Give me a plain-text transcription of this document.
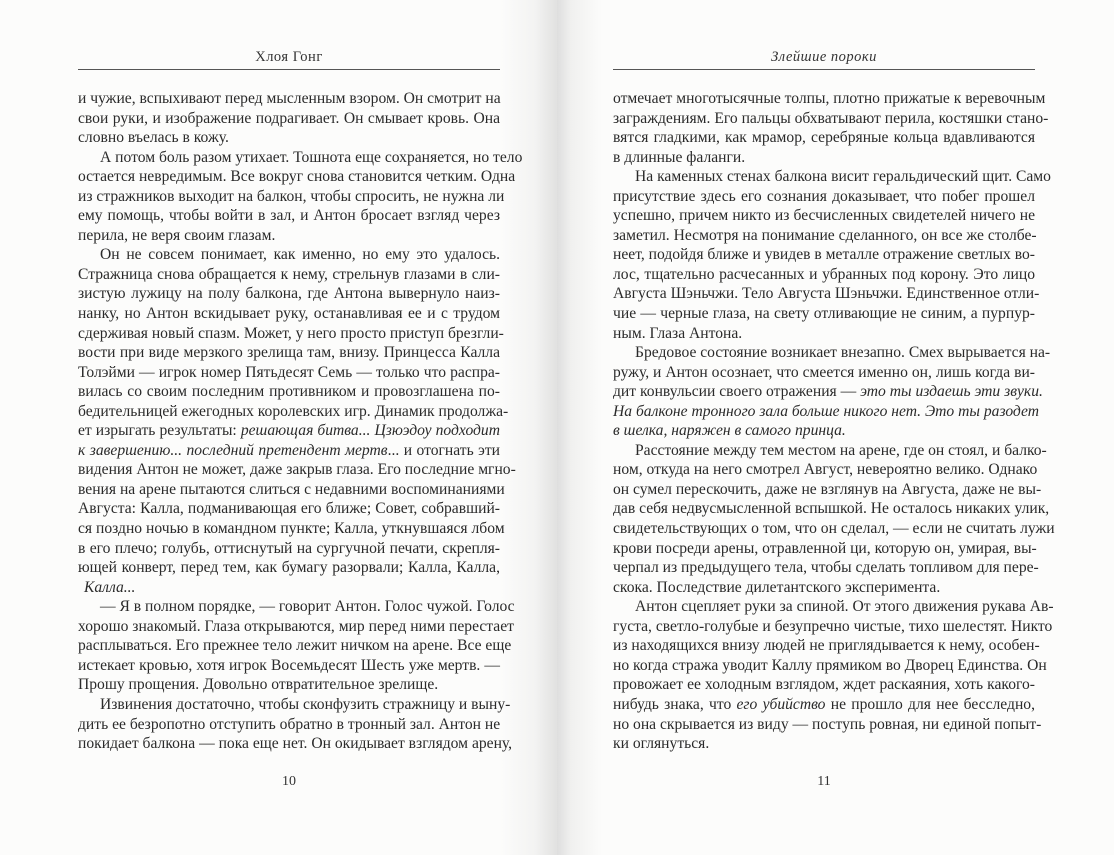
Хлоя Гонг
и чужие, вспыхивают перед мысленным взором. Он смотрит на
свои руки, и изображение подрагивает. Он смывает кровь. Она
словно въелась в кожу.
А потом боль разом утихает. Тошнота еще сохраняется, но тело
остается невредимым. Все вокруг снова становится четким. Одна
из стражников выходит на балкон, чтобы спросить, не нужна ли
ему помощь, чтобы войти в зал, и Антон бросает взгляд через
перила, не веря своим глазам.
Он не совсем понимает, как именно, но ему это удалось.
Стражница снова обращается к нему, стрельнув глазами в сли-
зистую лужицу на полу балкона, где Антона вывернуло наиз-
нанку, но Антон вскидывает руку, останавливая ее и с трудом
сдерживая новый спазм. Может, у него просто приступ брезгли-
вости при виде мерзкого зрелища там, внизу. Принцесса Калла
Толэйми — игрок номер Пятьдесят Семь — только что распра-
вилась со своим последним противником и провозглашена по-
бедительницей ежегодных королевских игр. Динамик продолжа-
ет изрыгать результаты: решающая битва... Цзюэдоу подходит
к завершению... последний претендент мертв... и отогнать эти
видения Антон не может, даже закрыв глаза. Его последние мгно-
вения на арене пытаются слиться с недавними воспоминаниями
Августа: Калла, подманивающая его ближе; Совет, собравший-
ся поздно ночью в командном пункте; Калла, уткнувшаяся лбом
в его плечо; голубь, оттиснутый на сургучной печати, скрепля-
ющей конверт, перед тем, как бумагу разорвали; Калла, Калла,
Калла...
— Я в полном порядке, — говорит Антон. Голос чужой. Голос
хорошо знакомый. Глаза открываются, мир перед ними перестает
расплываться. Его прежнее тело лежит ничком на арене. Все еще
истекает кровью, хотя игрок Восемьдесят Шесть уже мертв. —
Прошу прощения. Довольно отвратительное зрелище.
Извинения достаточно, чтобы сконфузить стражницу и выну-
дить ее безропотно отступить обратно в тронный зал. Антон не
покидает балкона — пока еще нет. Он окидывает взглядом арену,
10
Злейшие пороки
отмечает многотысячные толпы, плотно прижатые к веревочным
заграждениям. Его пальцы обхватывают перила, костяшки стано-
вятся гладкими, как мрамор, серебряные кольца вдавливаются
в длинные фаланги.
На каменных стенах балкона висит геральдический щит. Само
присутствие здесь его сознания доказывает, что побег прошел
успешно, причем никто из бесчисленных свидетелей ничего не
заметил. Несмотря на понимание сделанного, он все же столбе-
неет, подойдя ближе и увидев в металле отражение светлых во-
лос, тщательно расчесанных и убранных под корону. Это лицо
Августа Шэньчжи. Тело Августа Шэньчжи. Единственное отли-
чие — черные глаза, на свету отливающие не синим, а пурпур-
ным. Глаза Антона.
Бредовое состояние возникает внезапно. Смех вырывается на-
ружу, и Антон осознает, что смеется именно он, лишь когда ви-
дит конвульсии своего отражения — это ты издаешь эти звуки.
На балконе тронного зала больше никого нет. Это ты разодет
в шелка, наряжен в самого принца.
Расстояние между тем местом на арене, где он стоял, и балко-
ном, откуда на него смотрел Август, невероятно велико. Однако
он сумел перескочить, даже не взглянув на Августа, даже не вы-
дав себя недвусмысленной вспышкой. Не осталось никаких улик,
свидетельствующих о том, что он сделал, — если не считать лужи
крови посреди арены, отравленной ци, которую он, умирая, вы-
черпал из предыдущего тела, чтобы сделать топливом для пере-
скока. Последствие дилетантского эксперимента.
Антон сцепляет руки за спиной. От этого движения рукава Ав-
густа, светло-голубые и безупречно чистые, тихо шелестят. Никто
из находящихся внизу людей не приглядывается к нему, особен-
но когда стража уводит Каллу прямиком во Дворец Единства. Он
провожает ее холодным взглядом, ждет раскаяния, хоть какого-
нибудь знака, что его убийство не прошло для нее бесследно,
но она скрывается из виду — поступь ровная, ни единой попыт-
ки оглянуться.
11
